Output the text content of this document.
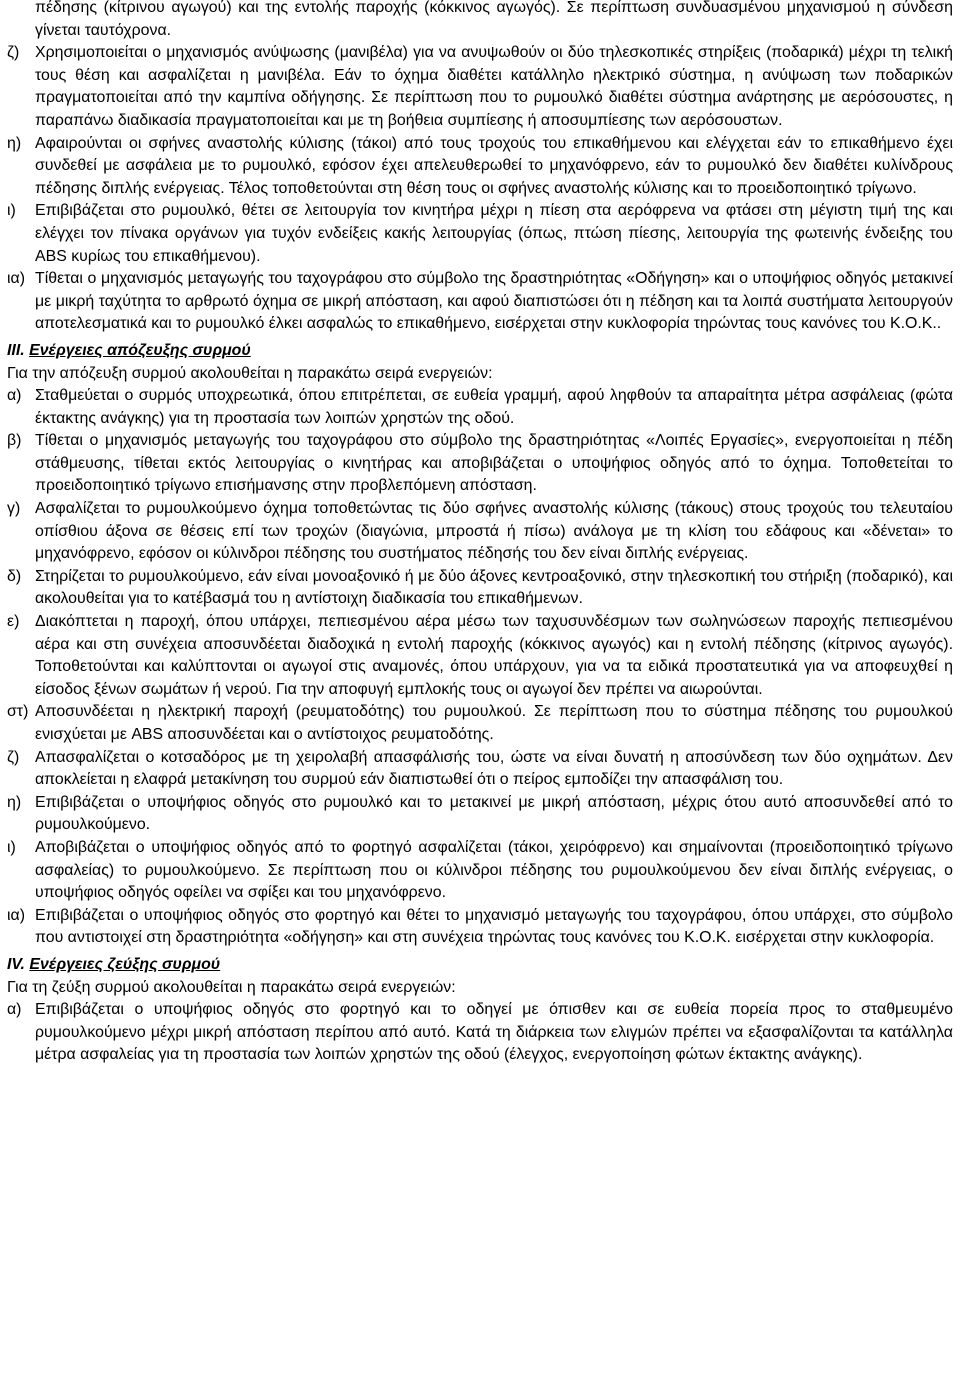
πέδησης (κίτρινου αγωγού) και της εντολής παροχής (κόκκινος αγωγός). Σε περίπτωση συνδυασμένου μηχανισμού η σύνδεση γίνεται ταυτόχρονα.
ζ) Χρησιμοποιείται ο μηχανισμός ανύψωσης (μανιβέλα) για να ανυψωθούν οι δύο τηλεσκοπικές στηρίξεις (ποδαρικά) μέχρι τη τελική τους θέση και ασφαλίζεται η μανιβέλα. Εάν το όχημα διαθέτει κατάλληλο ηλεκτρικό σύστημα, η ανύψωση των ποδαρικών πραγματοποιείται από την καμπίνα οδήγησης. Σε περίπτωση που το ρυμουλκό διαθέτει σύστημα ανάρτησης με αερόσουστες, η παραπάνω διαδικασία πραγματοποιείται και με τη βοήθεια συμπίεσης ή αποσυμπίεσης των αερόσουστων.
η) Αφαιρούνται οι σφήνες αναστολής κύλισης (τάκοι) από τους τροχούς του επικαθήμενου και ελέγχεται εάν το επικαθήμενο έχει συνδεθεί με ασφάλεια με το ρυμουλκό, εφόσον έχει απελευθερωθεί το μηχανόφρενο, εάν το ρυμουλκό δεν διαθέτει κυλίνδρους πέδησης διπλής ενέργειας. Τέλος τοποθετούνται στη θέση τους οι σφήνες αναστολής κύλισης και το προειδοποιητικό τρίγωνο.
ι)	Επιβιβάζεται στο ρυμουλκό, θέτει σε λειτουργία τον κινητήρα μέχρι η πίεση στα αερόφρενα να φτάσει στη μέγιστη τιμή της και ελέγχει τον πίνακα οργάνων για τυχόν ενδείξεις κακής λειτουργίας (όπως, πτώση πίεσης, λειτουργία της φωτεινής ένδειξης του ABS κυρίως του επικαθήμενου).
ια) Τίθεται ο μηχανισμός μεταγωγής του ταχογράφου στο σύμβολο της δραστηριότητας «Οδήγηση» και ο υποψήφιος οδηγός μετακινεί με μικρή ταχύτητα το αρθρωτό όχημα σε μικρή απόσταση, και αφού διαπιστώσει ότι η πέδηση και τα λοιπά συστήματα λειτουργούν αποτελεσματικά και το ρυμουλκό έλκει ασφαλώς το επικαθήμενο, εισέρχεται στην κυκλοφορία τηρώντας τους κανόνες του Κ.Ο.Κ..
ΙΙΙ. Ενέργειες απόζευξης συρμού
Για την απόζευξη συρμού ακολουθείται η παρακάτω σειρά ενεργειών:
α) Σταθμεύεται ο συρμός υποχρεωτικά, όπου επιτρέπεται, σε ευθεία γραμμή, αφού ληφθούν τα απαραίτητα μέτρα ασφάλειας (φώτα έκτακτης ανάγκης) για τη προστασία των λοιπών χρηστών της οδού.
β) Τίθεται ο μηχανισμός μεταγωγής του ταχογράφου στο σύμβολο της δραστηριότητας «Λοιπές Εργασίες», ενεργοποιείται η πέδη στάθμευσης, τίθεται εκτός λειτουργίας ο κινητήρας και αποβιβάζεται ο υποψήφιος οδηγός από το όχημα. Τοποθετείται το προειδοποιητικό τρίγωνο επισήμανσης στην προβλεπόμενη απόσταση.
γ) Ασφαλίζεται το ρυμουλκούμενο όχημα τοποθετώντας τις δύο σφήνες αναστολής κύλισης (τάκους) στους τροχούς του τελευταίου οπίσθιου άξονα σε θέσεις επί των τροχών (διαγώνια, μπροστά ή πίσω) ανάλογα με τη κλίση του εδάφους και «δένεται» το μηχανόφρενο, εφόσον οι κύλινδροι πέδησης του συστήματος πέδησής του δεν είναι διπλής ενέργειας.
δ) Στηρίζεται το ρυμουλκούμενο, εάν είναι μονοαξονικό ή με δύο άξονες κεντροαξονικό, στην τηλεσκοπική του στήριξη (ποδαρικό), και ακολουθείται για το κατέβασμά του η αντίστοιχη διαδικασία του επικαθήμενων.
ε) Διακόπτεται η παροχή, όπου υπάρχει, πεπιεσμένου αέρα μέσω των ταχυσυνδέσμων των σωληνώσεων παροχής πεπιεσμένου αέρα και στη συνέχεια αποσυνδέεται διαδοχικά η εντολή παροχής (κόκκινος αγωγός) και η εντολή πέδησης (κίτρινος αγωγός). Τοποθετούνται και καλύπτονται οι αγωγοί στις αναμονές, όπου υπάρχουν, για να τα ειδικά προστατευτικά για να αποφευχθεί η είσοδος ξένων σωμάτων ή νερού. Για την αποφυγή εμπλοκής τους οι αγωγοί δεν πρέπει να αιωρούνται.
στ) Αποσυνδέεται η ηλεκτρική παροχή (ρευματοδότης) του ρυμουλκού. Σε περίπτωση που το σύστημα πέδησης του ρυμουλκού ενισχύεται με ABS αποσυνδέεται και ο αντίστοιχος ρευματοδότης.
ζ) Απασφαλίζεται ο κοτσαδόρος με τη χειρολαβή απασφάλισής του, ώστε να είναι δυνατή η αποσύνδεση των δύο οχημάτων. Δεν αποκλείεται η ελαφρά μετακίνηση του συρμού εάν διαπιστωθεί ότι ο πείρος εμποδίζει την απασφάλιση του.
η) Επιβιβάζεται ο υποψήφιος οδηγός στο ρυμουλκό και το μετακινεί με μικρή απόσταση, μέχρις ότου αυτό αποσυνδεθεί από το ρυμουλκούμενο.
ι)	Αποβιβάζεται ο υποψήφιος οδηγός από το φορτηγό ασφαλίζεται (τάκοι, χειρόφρενο) και σημαίνονται (προειδοποιητικό τρίγωνο ασφαλείας) το ρυμουλκούμενο. Σε περίπτωση που οι κύλινδροι πέδησης του ρυμουλκούμενου δεν είναι διπλής ενέργειας, ο υποψήφιος οδηγός οφείλει να σφίξει και του μηχανόφρενο.
ια) Επιβιβάζεται ο υποψήφιος οδηγός στο φορτηγό και θέτει το μηχανισμό μεταγωγής του ταχογράφου, όπου υπάρχει, στο σύμβολο που αντιστοιχεί στη δραστηριότητα «οδήγηση» και στη συνέχεια τηρώντας τους κανόνες του Κ.Ο.Κ. εισέρχεται στην κυκλοφορία.
IV. Ενέργειες ζεύξης συρμού
Για τη ζεύξη συρμού ακολουθείται η παρακάτω σειρά ενεργειών:
α) Επιβιβάζεται ο υποψήφιος οδηγός στο φορτηγό και το οδηγεί με όπισθεν και σε ευθεία πορεία προς το σταθμευμένο ρυμουλκούμενο μέχρι μικρή απόσταση περίπου από αυτό. Κατά τη διάρκεια των ελιγμών πρέπει να εξασφαλίζονται τα κατάλληλα μέτρα ασφαλείας για τη προστασία των λοιπών χρηστών της οδού (έλεγχος, ενεργοποίηση φώτων έκτακτης ανάγκης).
